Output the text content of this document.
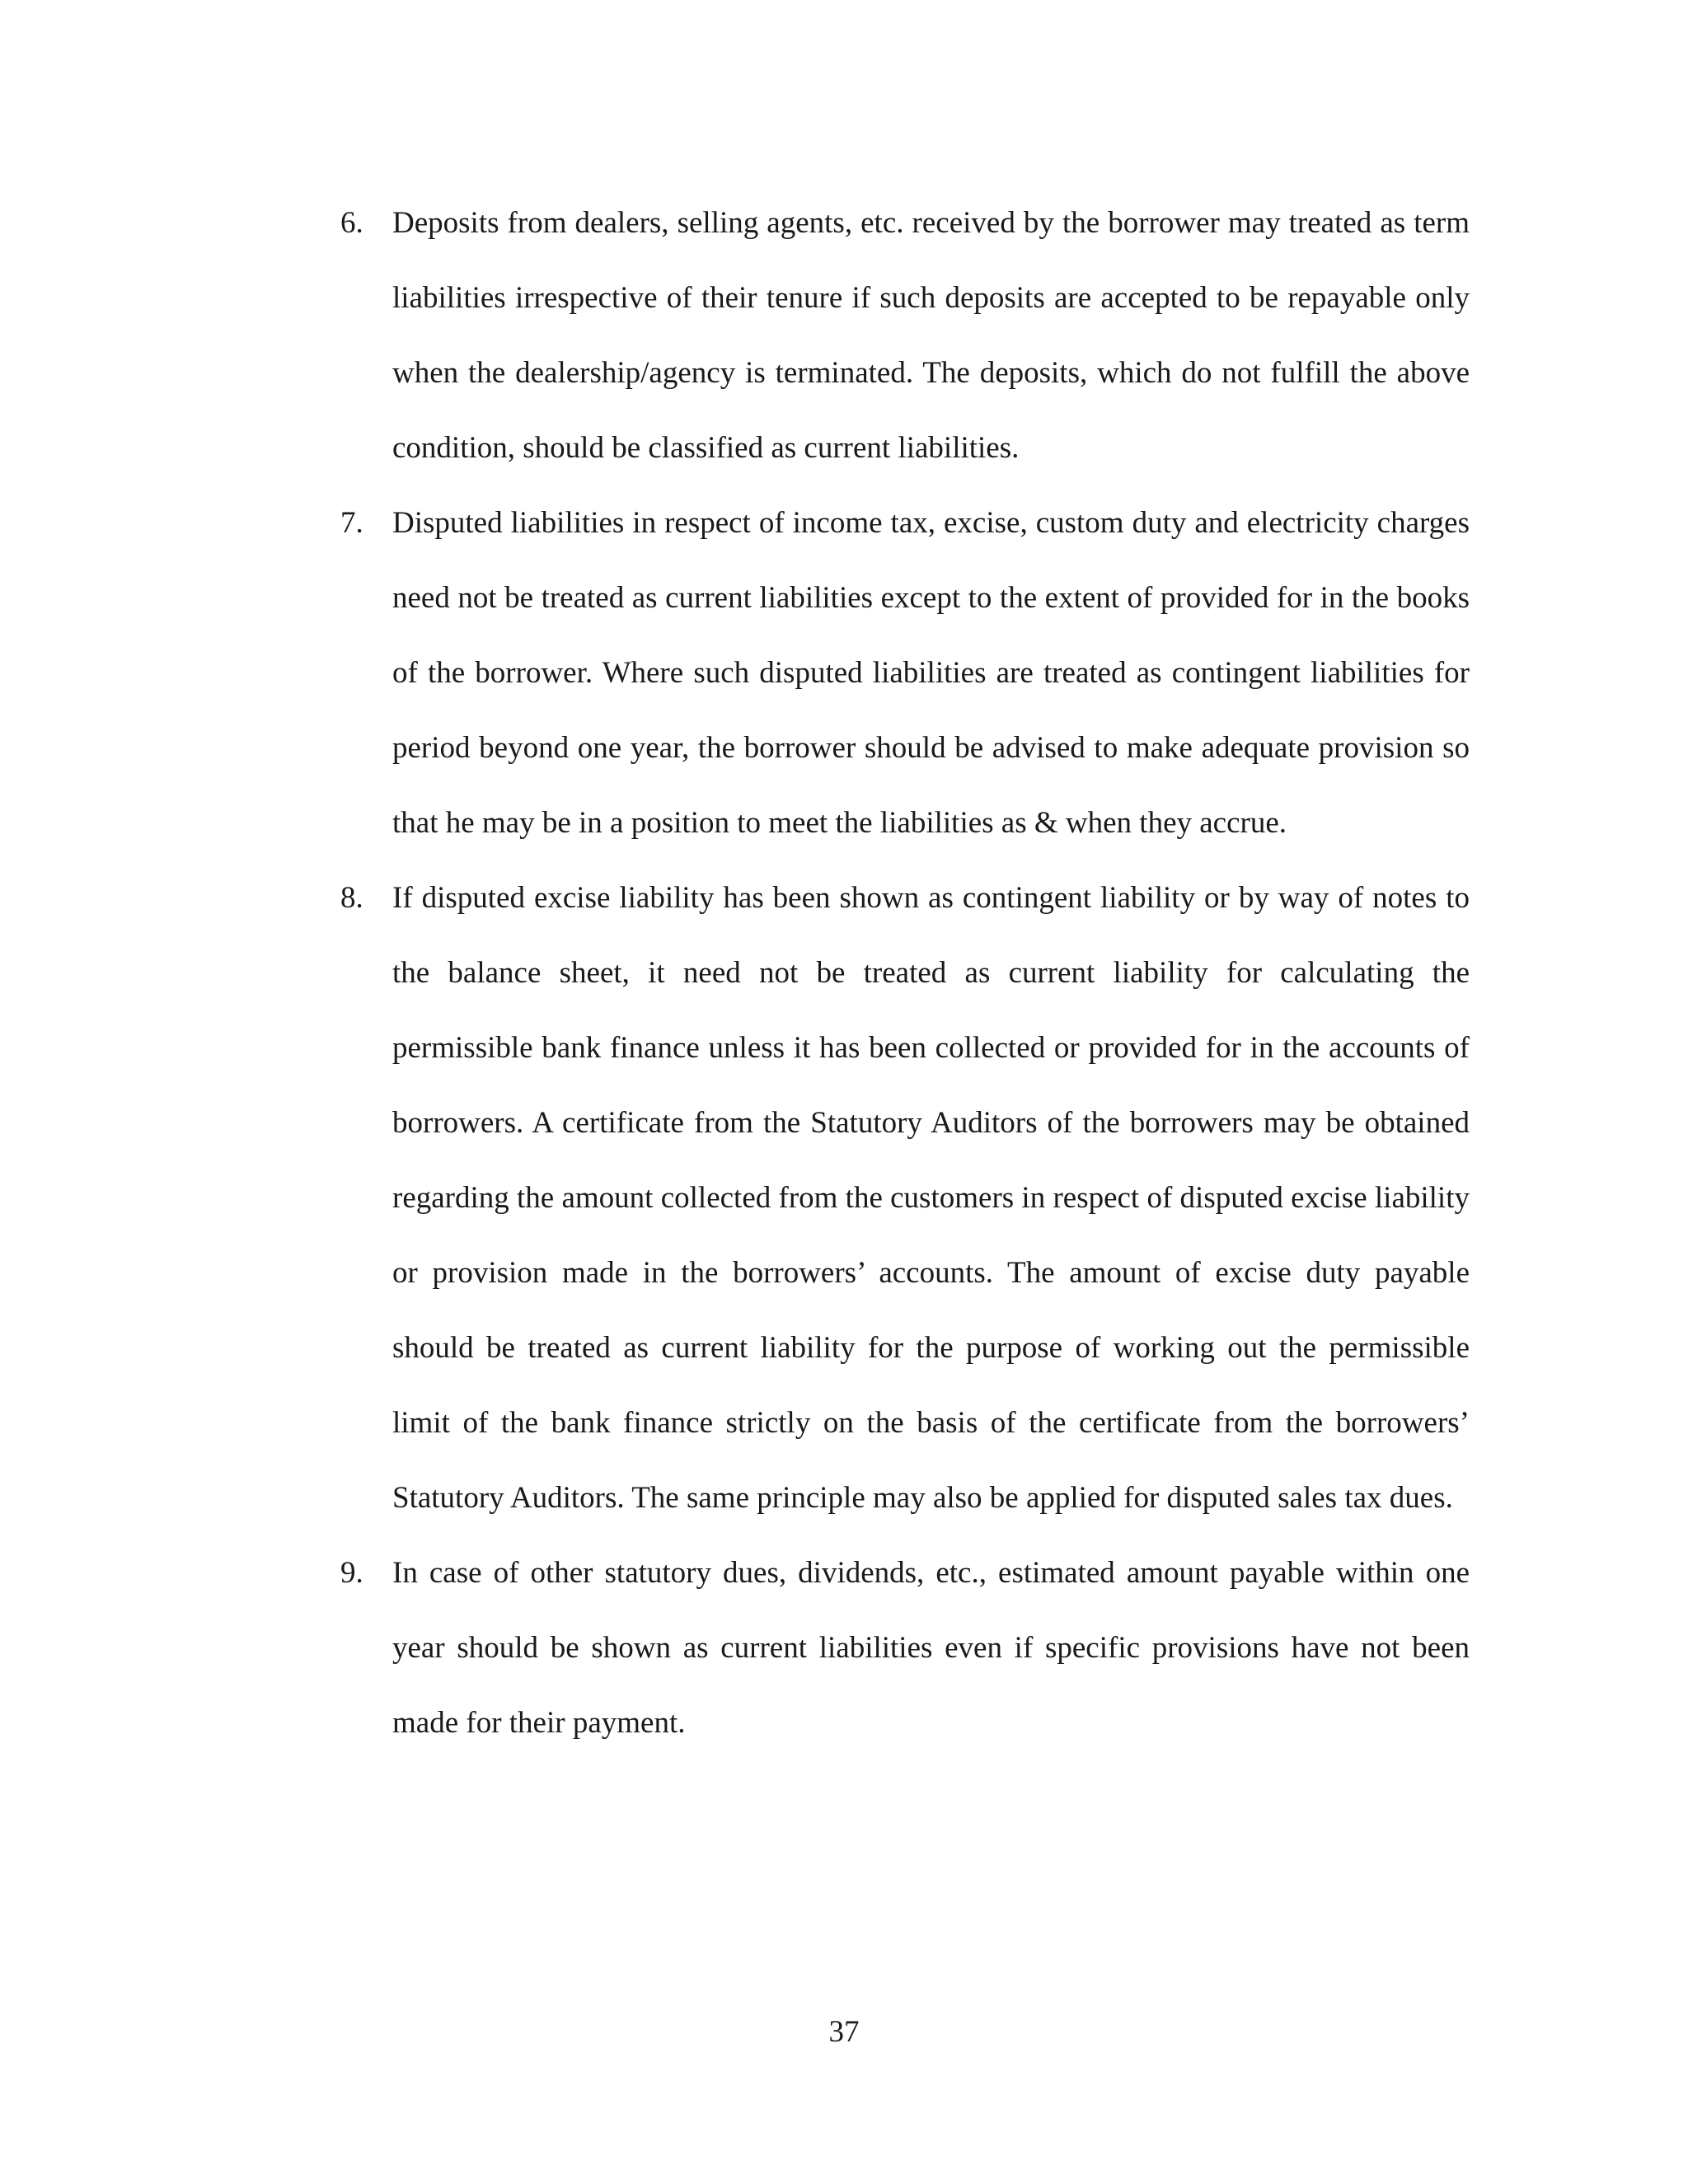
6. Deposits from dealers, selling agents, etc. received by the borrower may treated as term liabilities irrespective of their tenure if such deposits are accepted to be repayable only when the dealership/agency is terminated. The deposits, which do not fulfill the above condition, should be classified as current liabilities.
7. Disputed liabilities in respect of income tax, excise, custom duty and electricity charges need not be treated as current liabilities except to the extent of provided for in the books of the borrower. Where such disputed liabilities are treated as contingent liabilities for period beyond one year, the borrower should be advised to make adequate provision so that he may be in a position to meet the liabilities as & when they accrue.
8. If disputed excise liability has been shown as contingent liability or by way of notes to the balance sheet, it need not be treated as current liability for calculating the permissible bank finance unless it has been collected or provided for in the accounts of borrowers. A certificate from the Statutory Auditors of the borrowers may be obtained regarding the amount collected from the customers in respect of disputed excise liability or provision made in the borrowers’ accounts. The amount of excise duty payable should be treated as current liability for the purpose of working out the permissible limit of the bank finance strictly on the basis of the certificate from the borrowers’ Statutory Auditors. The same principle may also be applied for disputed sales tax dues.
9. In case of other statutory dues, dividends, etc., estimated amount payable within one year should be shown as current liabilities even if specific provisions have not been made for their payment.
37
